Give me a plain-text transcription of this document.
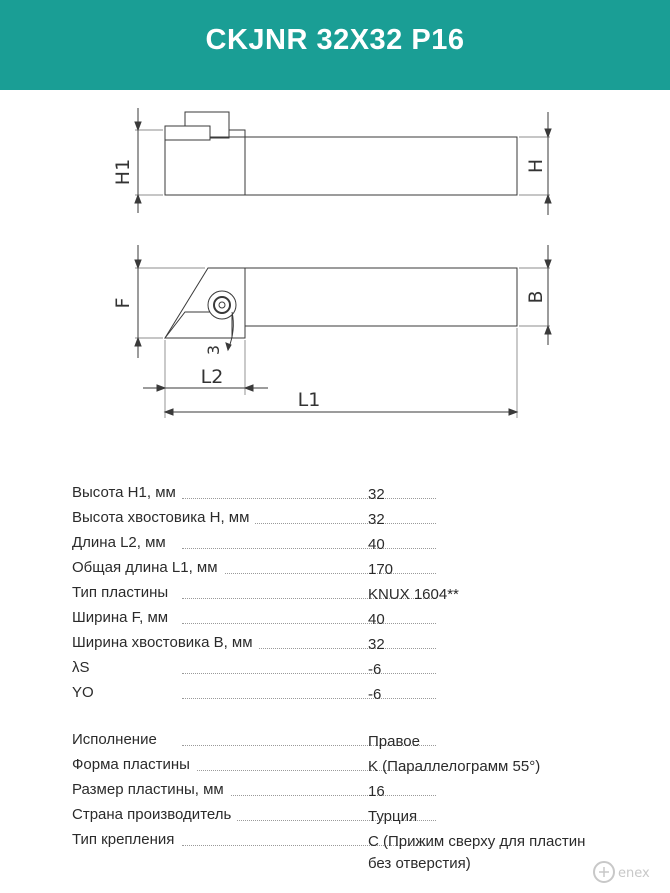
CKJNR 32X32 P16
H1	H
F	B
3
L2
L1
Высота H1, мм	32
Высота хвостовика H, мм	32
Длина L2, мм	40
Общая длина L1, мм	170
Тип пластины	KNUX 1604**
Ширина F, мм	40
Ширина хвостовика B, мм	32
λS	-6
YO	-6
Исполнение	Правое
Форма пластины	K (Параллелограмм 55°)
Размер пластины, мм	16
Страна производитель	Турция
Тип крепления	C (Прижим сверху для пластин без отверстия)
enex
